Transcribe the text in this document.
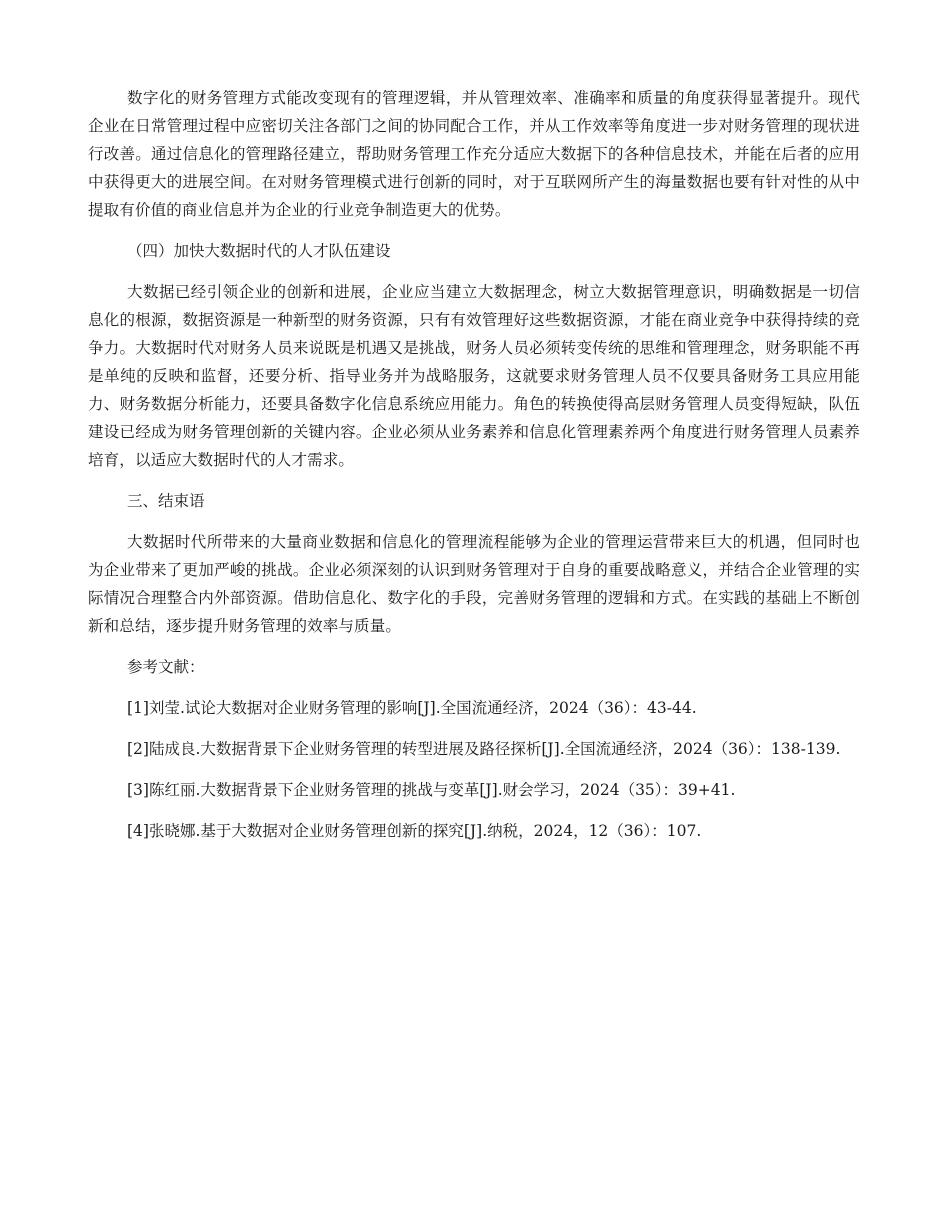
数字化的财务管理方式能改变现有的管理逻辑，并从管理效率、准确率和质量的角度获得显著提升。现代企业在日常管理过程中应密切关注各部门之间的协同配合工作，并从工作效率等角度进一步对财务管理的现状进行改善。通过信息化的管理路径建立，帮助财务管理工作充分适应大数据下的各种信息技术，并能在后者的应用中获得更大的进展空间。在对财务管理模式进行创新的同时，对于互联网所产生的海量数据也要有针对性的从中提取有价值的商业信息并为企业的行业竞争制造更大的优势。

（四）加快大数据时代的人才队伍建设

大数据已经引领企业的创新和进展，企业应当建立大数据理念，树立大数据管理意识，明确数据是一切信息化的根源，数据资源是一种新型的财务资源，只有有效管理好这些数据资源，才能在商业竞争中获得持续的竞争力。大数据时代对财务人员来说既是机遇又是挑战，财务人员必须转变传统的思维和管理理念，财务职能不再是单纯的反映和监督，还要分析、指导业务并为战略服务，这就要求财务管理人员不仅要具备财务工具应用能力、财务数据分析能力，还要具备数字化信息系统应用能力。角色的转换使得高层财务管理人员变得短缺，队伍建设已经成为财务管理创新的关键内容。企业必须从业务素养和信息化管理素养两个角度进行财务管理人员素养培育，以适应大数据时代的人才需求。

三、结束语

大数据时代所带来的大量商业数据和信息化的管理流程能够为企业的管理运营带来巨大的机遇，但同时也为企业带来了更加严峻的挑战。企业必须深刻的认识到财务管理对于自身的重要战略意义，并结合企业管理的实际情况合理整合内外部资源。借助信息化、数字化的手段，完善财务管理的逻辑和方式。在实践的基础上不断创新和总结，逐步提升财务管理的效率与质量。

参考文献：

[1]刘莹.试论大数据对企业财务管理的影响[J].全国流通经济，2024（36）：43-44.

[2]陆成良.大数据背景下企业财务管理的转型进展及路径探析[J].全国流通经济，2024（36）：138-139.

[3]陈红丽.大数据背景下企业财务管理的挑战与变革[J].财会学习，2024（35）：39+41.

[4]张晓娜.基于大数据对企业财务管理创新的探究[J].纳税，2024，12（36）：107.
